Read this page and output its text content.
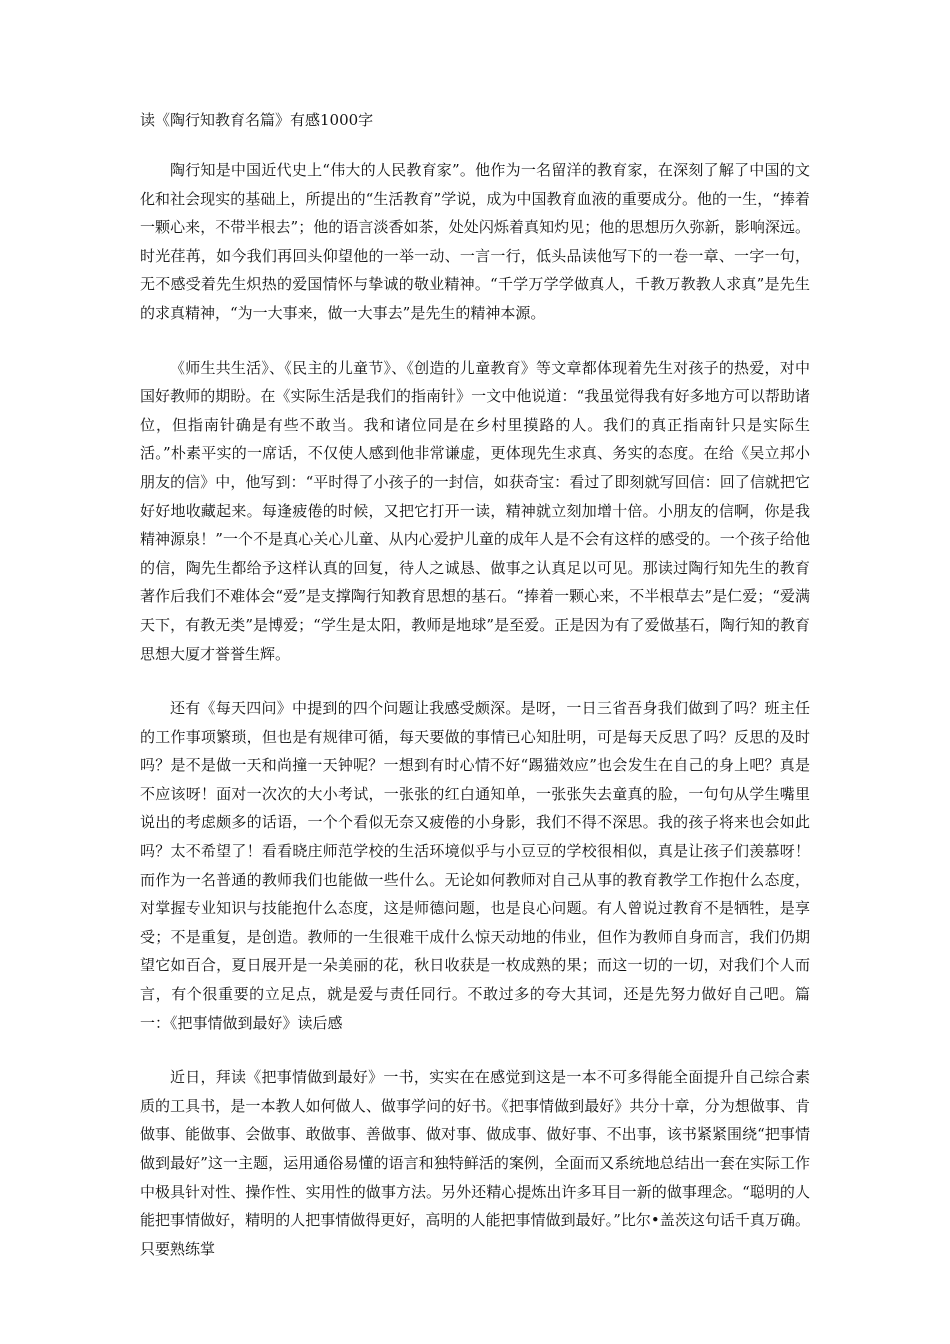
读《陶行知教育名篇》有感1000字

陶行知是中国近代史上“伟大的人民教育家”。他作为一名留洋的教育家，在深刻了解了中国的文化和社会现实的基础上，所提出的“生活教育”学说，成为中国教育血液的重要成分。他的一生，“捧着一颗心来，不带半根去”；他的语言淡香如茶，处处闪烁着真知灼见；他的思想历久弥新，影响深远。时光荏苒，如今我们再回头仰望他的一举一动、一言一行，低头品读他写下的一卷一章、一字一句，无不感受着先生炽热的爱国情怀与挚诚的敬业精神。“千学万学学做真人，千教万教教人求真”是先生的求真精神，“为一大事来，做一大事去”是先生的精神本源。

《师生共生活》、《民主的儿童节》、《创造的儿童教育》等文章都体现着先生对孩子的热爱，对中国好教师的期盼。在《实际生活是我们的指南针》一文中他说道：“我虽觉得我有好多地方可以帮助诸位，但指南针确是有些不敢当。我和诸位同是在乡村里摸路的人。我们的真正指南针只是实际生活。”朴素平实的一席话，不仅使人感到他非常谦虚，更体现先生求真、务实的态度。在给《吴立邦小朋友的信》中，他写到：“平时得了小孩子的一封信，如获奇宝：看过了即刻就写回信：回了信就把它好好地收藏起来。每逢疲倦的时候，又把它打开一读，精神就立刻加增十倍。小朋友的信啊，你是我精神源泉！”一个不是真心关心儿童、从内心爱护儿童的成年人是不会有这样的感受的。一个孩子给他的信，陶先生都给予这样认真的回复，待人之诚恳、做事之认真足以可见。那读过陶行知先生的教育著作后我们不难体会“爱”是支撑陶行知教育思想的基石。“捧着一颗心来，不半根草去”是仁爱；“爱满天下，有教无类”是博爱；“学生是太阳，教师是地球”是至爱。正是因为有了爱做基石，陶行知的教育思想大厦才誉誉生辉。

还有《每天四问》中提到的四个问题让我感受颇深。是呀，一日三省吾身我们做到了吗？班主任的工作事项繁琐，但也是有规律可循，每天要做的事情已心知肚明，可是每天反思了吗？反思的及时吗？是不是做一天和尚撞一天钟呢？一想到有时心情不好“踢猫效应”也会发生在自己的身上吧？真是不应该呀！面对一次次的大小考试，一张张的红白通知单，一张张失去童真的脸，一句句从学生嘴里说出的考虑颇多的话语，一个个看似无奈又疲倦的小身影，我们不得不深思。我的孩子将来也会如此吗？太不希望了！看看晓庄师范学校的生活环境似乎与小豆豆的学校很相似，真是让孩子们羡慕呀！而作为一名普通的教师我们也能做一些什么。无论如何教师对自己从事的教育教学工作抱什么态度，对掌握专业知识与技能抱什么态度，这是师德问题，也是良心问题。有人曾说过教育不是牺牲，是享受；不是重复，是创造。教师的一生很难干成什么惊天动地的伟业，但作为教师自身而言，我们仍期望它如百合，夏日展开是一朵美丽的花，秋日收获是一枚成熟的果；而这一切的一切，对我们个人而言，有个很重要的立足点，就是爱与责任同行。不敢过多的夸大其词，还是先努力做好自己吧。篇一：《把事情做到最好》读后感

近日，拜读《把事情做到最好》一书，实实在在感觉到这是一本不可多得能全面提升自己综合素质的工具书，是一本教人如何做人、做事学问的好书。《把事情做到最好》共分十章，分为想做事、肯做事、能做事、会做事、敢做事、善做事、做对事、做成事、做好事、不出事，该书紧紧围绕“把事情做到最好”这一主题，运用通俗易懂的语言和独特鲜活的案例，全面而又系统地总结出一套在实际工作中极具针对性、操作性、实用性的做事方法。另外还精心提炼出许多耳目一新的做事理念。“聪明的人能把事情做好，精明的人把事情做得更好，高明的人能把事情做到最好。”比尔•盖茨这句话千真万确。只要熟练掌
